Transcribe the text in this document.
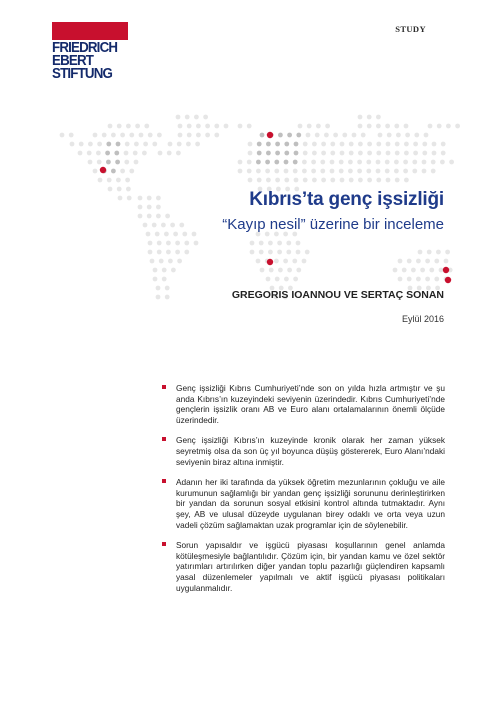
STUDY
FRIEDRICH
EBERT
STIFTUNG
Kıbrıs’ta genç işsizliği
“Kayıp nesil” üzerine bir inceleme
GREGORIS IOANNOU VE SERTAÇ SONAN
Eylül 2016
Genç işsizliği Kıbrıs Cumhuriyeti’nde son on yılda hızla artmıştır ve şu anda Kıbrıs’ın kuzeyindeki seviyenin üzerindedir. Kıbrıs Cumhuriyeti’nde gençlerin işsizlik oranı AB ve Euro alanı ortalamalarının önemli ölçüde üzerindedir.
Genç işsizliği Kıbrıs’ın kuzeyinde kronik olarak her zaman yüksek seyretmiş olsa da son üç yıl boyunca düşüş göstererek, Euro Alanı’ndaki seviyenin biraz altına inmiştir.
Adanın her iki tarafında da yüksek öğretim mezunlarının çokluğu ve aile kurumunun sağlamlığı bir yandan genç işsizliği sorununu derinleştirirken bir yandan da sorunun sosyal etkisini kontrol altında tutmaktadır. Aynı şey, AB ve ulusal düzeyde uygulanan birey odaklı ve orta veya uzun vadeli çözüm sağlamaktan uzak programlar için de söylenebilir.
Sorun yapısaldır ve işgücü piyasası koşullarının genel anlamda kötüleşmesiyle bağlantılıdır. Çözüm için, bir yandan kamu ve özel sektör yatırımları artırılırken diğer yandan toplu pazarlığı güçlendiren kapsamlı yasal düzenlemeler yapılmalı ve aktif işgücü piyasası politikaları uygulanmalıdır.
